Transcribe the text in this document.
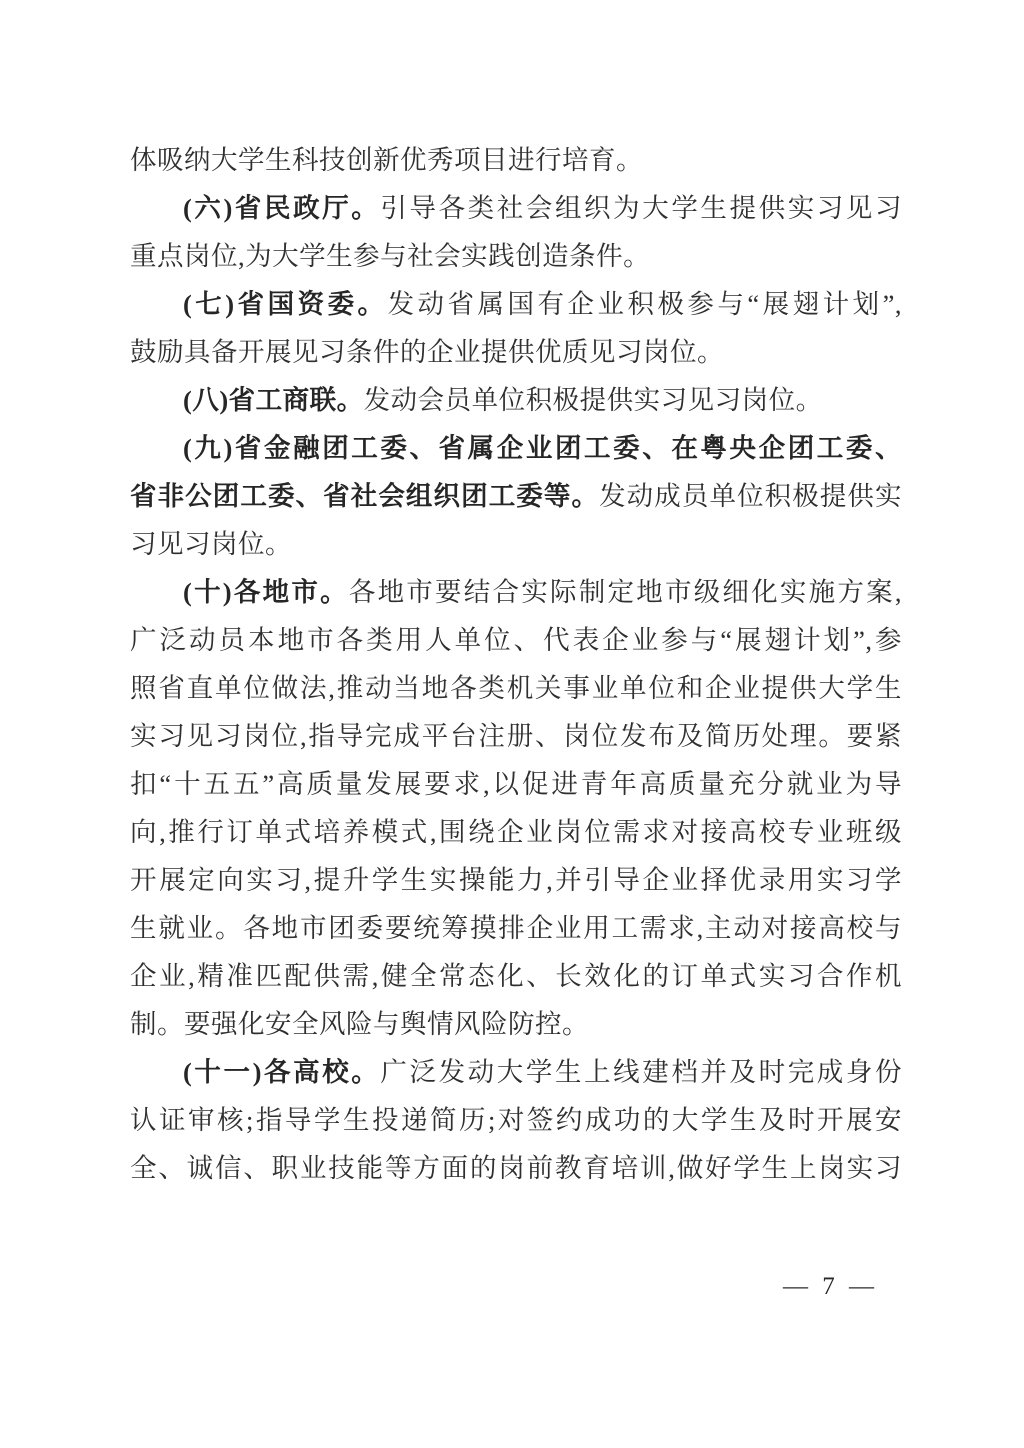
体吸纳大学生科技创新优秀项目进行培育。
(六)省民政厅。引导各类社会组织为大学生提供实习见习
重点岗位,为大学生参与社会实践创造条件。
(七)省国资委。发动省属国有企业积极参与“展翅计划”,
鼓励具备开展见习条件的企业提供优质见习岗位。
(八)省工商联。发动会员单位积极提供实习见习岗位。
(九)省金融团工委、省属企业团工委、在粤央企团工委、
省非公团工委、省社会组织团工委等。发动成员单位积极提供实
习见习岗位。
(十)各地市。各地市要结合实际制定地市级细化实施方案,
广泛动员本地市各类用人单位、代表企业参与“展翅计划”,参
照省直单位做法,推动当地各类机关事业单位和企业提供大学生
实习见习岗位,指导完成平台注册、岗位发布及简历处理。要紧
扣“十五五”高质量发展要求,以促进青年高质量充分就业为导
向,推行订单式培养模式,围绕企业岗位需求对接高校专业班级
开展定向实习,提升学生实操能力,并引导企业择优录用实习学
生就业。各地市团委要统筹摸排企业用工需求,主动对接高校与
企业,精准匹配供需,健全常态化、长效化的订单式实习合作机
制。要强化安全风险与舆情风险防控。
(十一)各高校。广泛发动大学生上线建档并及时完成身份
认证审核;指导学生投递简历;对签约成功的大学生及时开展安
全、诚信、职业技能等方面的岗前教育培训,做好学生上岗实习
— 7 —
